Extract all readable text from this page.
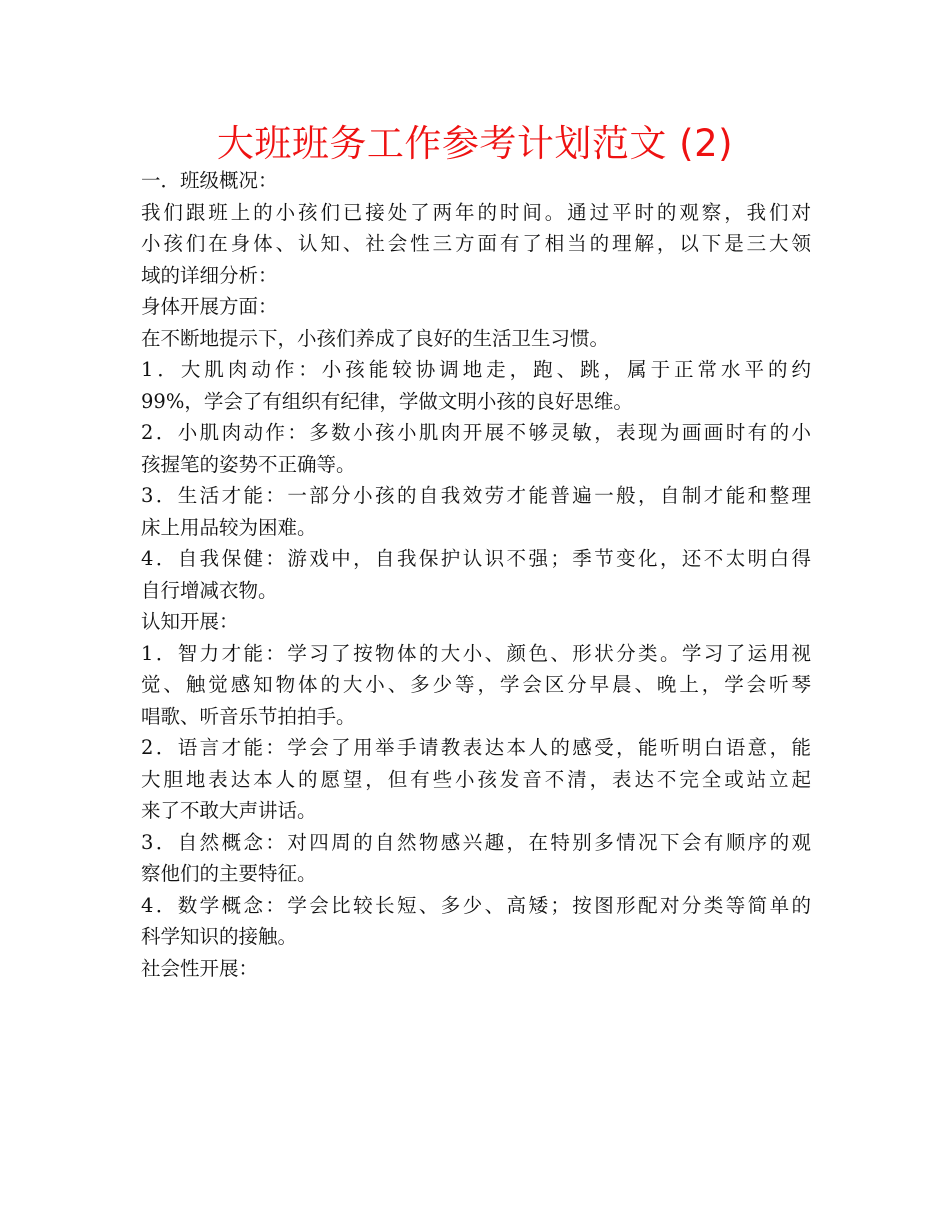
大班班务工作参考计划范文 (2)
一．班级概况：
我们跟班上的小孩们已接处了两年的时间。通过平时的观察，我们对
小孩们在身体、认知、社会性三方面有了相当的理解，以下是三大领
域的详细分析：
身体开展方面：
在不断地提示下，小孩们养成了良好的生活卫生习惯。
1．大肌肉动作：小孩能较协调地走，跑、跳，属于正常水平的约
99%，学会了有组织有纪律，学做文明小孩的良好思维。
2．小肌肉动作：多数小孩小肌肉开展不够灵敏，表现为画画时有的小
孩握笔的姿势不正确等。
3．生活才能：一部分小孩的自我效劳才能普遍一般，自制才能和整理
床上用品较为困难。
4．自我保健：游戏中，自我保护认识不强；季节变化，还不太明白得
自行增减衣物。
认知开展：
1．智力才能：学习了按物体的大小、颜色、形状分类。学习了运用视
觉、触觉感知物体的大小、多少等，学会区分早晨、晚上，学会听琴
唱歌、听音乐节拍拍手。
2．语言才能：学会了用举手请教表达本人的感受，能听明白语意，能
大胆地表达本人的愿望，但有些小孩发音不清，表达不完全或站立起
来了不敢大声讲话。
3．自然概念：对四周的自然物感兴趣，在特别多情况下会有顺序的观
察他们的主要特征。
4．数学概念：学会比较长短、多少、高矮；按图形配对分类等简单的
科学知识的接触。
社会性开展：
